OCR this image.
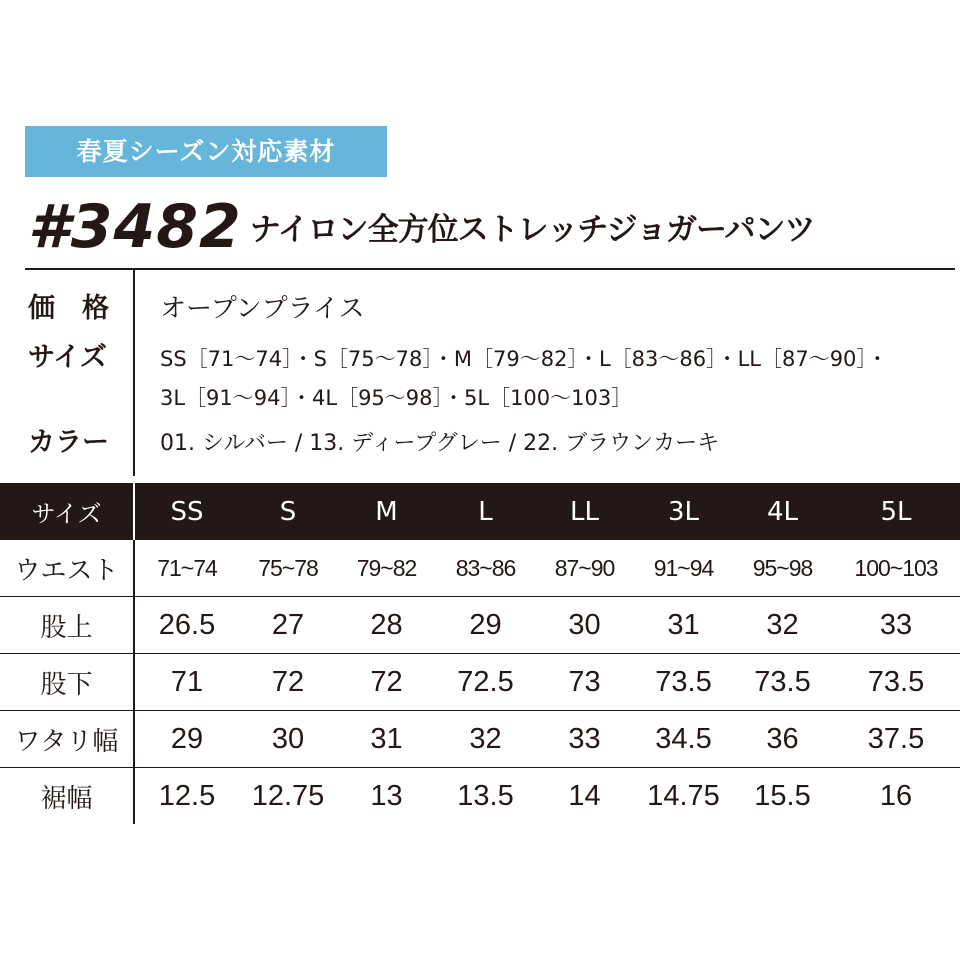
春夏シーズン対応素材
#3482 ナイロン全方位ストレッチジョガーパンツ
価　格 オープンプライス
サイズ	SS［71～74］・S［75～78］・M［79～82］・L［83～86］・LL［87～90］・
3L［91～94］・4L［95～98］・5L［100～103］
カラー 01. シルバー / 13. ディープグレー / 22. ブラウンカーキ
サイズ	SS	S	M	L	LL	3L	4L	5L
ウエスト	71~74	75~78	79~82	83~86	87~90	91~94	95~98	100~103
股上	26.5	27	28	29	30	31	32	33
股下	71	72	72	72.5	73	73.5	73.5	73.5
ワタリ幅	29	30	31	32	33	34.5	36	37.5
裾幅	12.5	12.75	13	13.5	14	14.75	15.5	16
